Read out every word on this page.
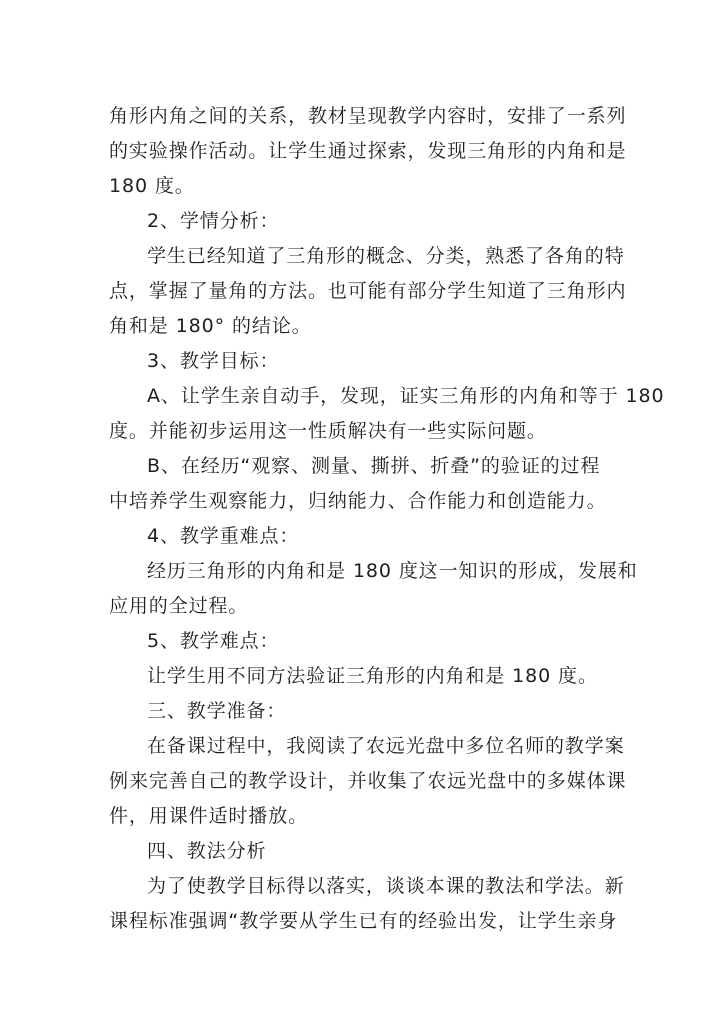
角形内角之间的关系，教材呈现教学内容时，安排了一系列
的实验操作活动。让学生通过探索，发现三角形的内角和是
180 度。
2、学情分析：
学生已经知道了三角形的概念、分类，熟悉了各角的特
点，掌握了量角的方法。也可能有部分学生知道了三角形内
角和是 180° 的结论。
3、教学目标：
A、让学生亲自动手，发现，证实三角形的内角和等于 180
度。并能初步运用这一性质解决有一些实际问题。
B、在经历“观察、测量、撕拼、折叠”的验证的过程
中培养学生观察能力，归纳能力、合作能力和创造能力。
4、教学重难点：
经历三角形的内角和是 180 度这一知识的形成，发展和
应用的全过程。
5、教学难点：
让学生用不同方法验证三角形的内角和是 180 度。
三、教学准备：
在备课过程中，我阅读了农远光盘中多位名师的教学案
例来完善自己的教学设计，并收集了农远光盘中的多媒体课
件，用课件适时播放。
四、教法分析
为了使教学目标得以落实，谈谈本课的教法和学法。新
课程标准强调“教学要从学生已有的经验出发，让学生亲身
